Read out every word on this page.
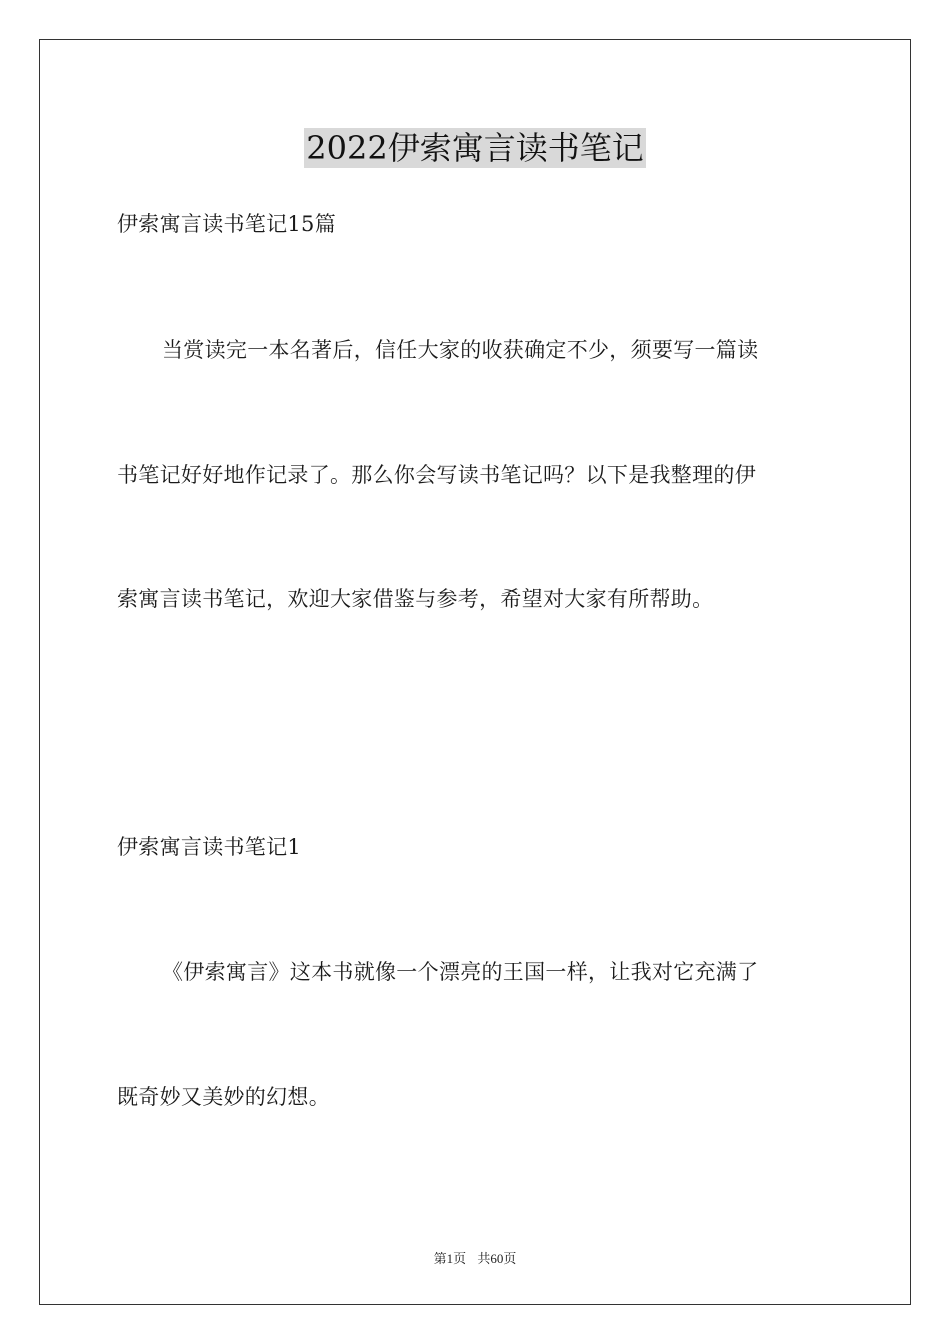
2022伊索寓言读书笔记
伊索寓言读书笔记15篇
当赏读完一本名著后，信任大家的收获确定不少，须要写一篇读
书笔记好好地作记录了。那么你会写读书笔记吗？以下是我整理的伊
索寓言读书笔记，欢迎大家借鉴与参考，希望对大家有所帮助。
伊索寓言读书笔记1
《伊索寓言》这本书就像一个漂亮的王国一样，让我对它充满了
既奇妙又美妙的幻想。
第1页 共60页
